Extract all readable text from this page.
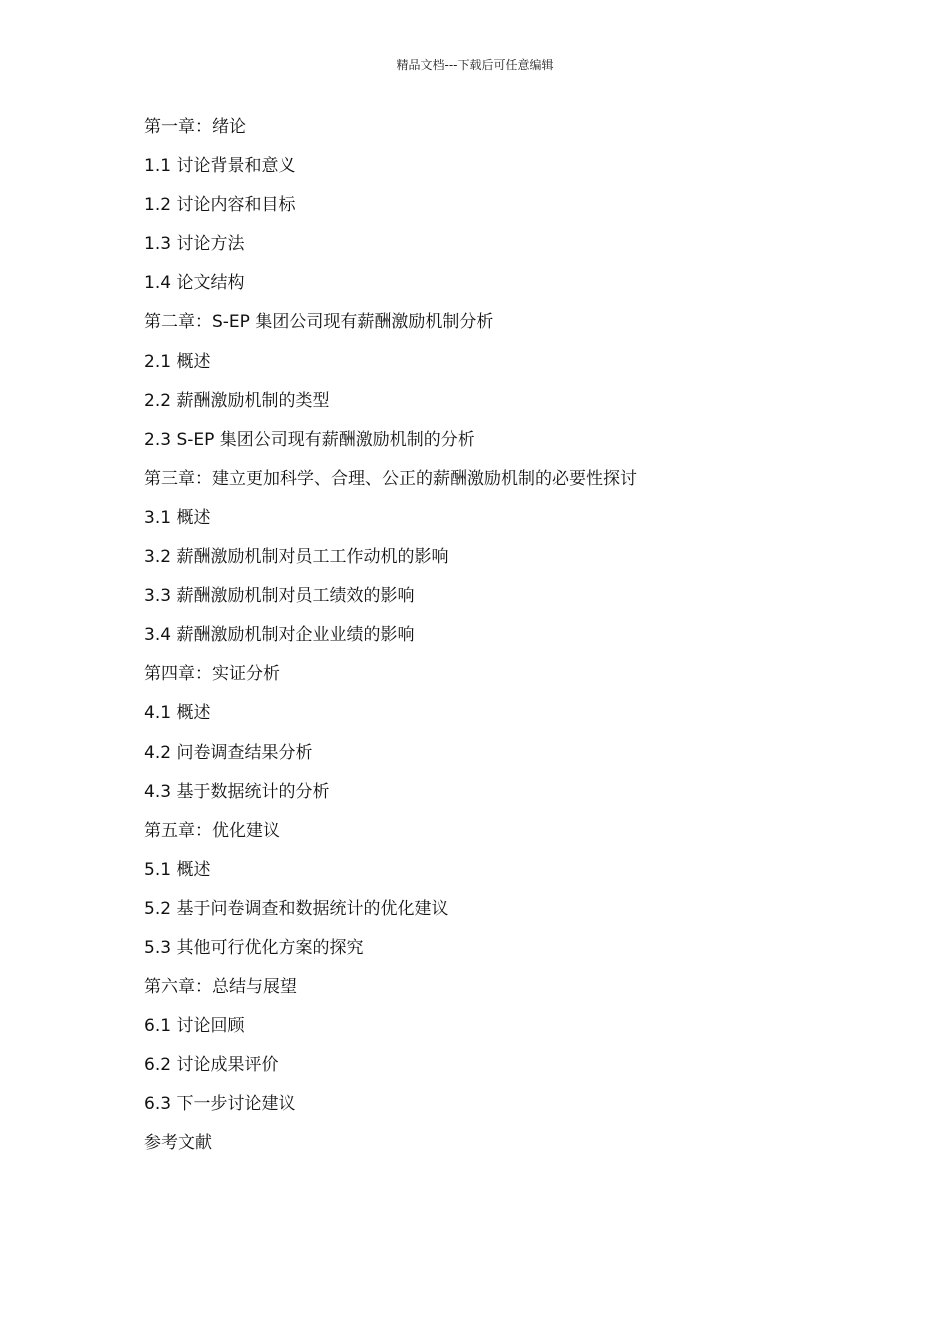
精品文档---下载后可任意编辑
第一章：绪论
1.1 讨论背景和意义
1.2 讨论内容和目标
1.3 讨论方法
1.4 论文结构
第二章：S-EP 集团公司现有薪酬激励机制分析
2.1 概述
2.2 薪酬激励机制的类型
2.3 S-EP 集团公司现有薪酬激励机制的分析
第三章：建立更加科学、合理、公正的薪酬激励机制的必要性探讨
3.1 概述
3.2 薪酬激励机制对员工工作动机的影响
3.3 薪酬激励机制对员工绩效的影响
3.4 薪酬激励机制对企业业绩的影响
第四章：实证分析
4.1 概述
4.2 问卷调查结果分析
4.3 基于数据统计的分析
第五章：优化建议
5.1 概述
5.2 基于问卷调查和数据统计的优化建议
5.3 其他可行优化方案的探究
第六章：总结与展望
6.1 讨论回顾
6.2 讨论成果评价
6.3 下一步讨论建议
参考文献
